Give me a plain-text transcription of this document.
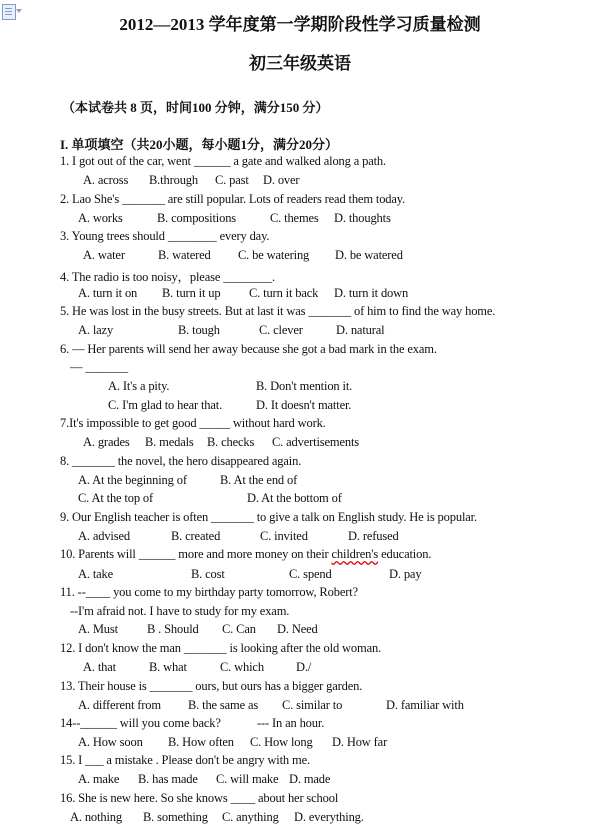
2012—2013 学年度第一学期阶段性学习质量检测
初三年级英语
（本试卷共 8 页，时间100 分钟，满分150 分）
I. 单项填空（共20小题，每小题1分，满分20分）
1. I got out of the car, went ______ a gate and walked along a path.
A. across B.through C. past D. over
2. Lao She's _______ are still popular. Lots of readers read them today.
A. works	B. compositions	C. themes D. thoughts
3. Young trees should ________ every day.
A. water	B. watered C. be watering D. be watered
4. The radio is too noisy，please ________.
A. turn it on B. turn it up C. turn it back D. turn it down
5. He was lost in the busy streets. But at last it was _______ of him to find the way home.
A. lazy	B. tough	C. clever	D. natural
6. — Her parents will send her away because she got a bad mark in the exam.
— _______
A. It's a pity.	B. Don't mention it.
C. I'm glad to hear that.	D. It doesn't matter.
7.It's impossible to get good _____ without hard work.
A. grades B. medals B. checks C. advertisements
8. _______ the novel, the hero disappeared again.
A. At the beginning of	B. At the end of
C. At the top of	D. At the bottom of
9. Our English teacher is often _______ to give a talk on English study. He is popular.
A. advised	B. created	C. invited	D. refused
10. Parents will ______ more and more money on their children's education.
A. take	B. cost	C. spend	D. pay
11. --____ you come to my birthday party tomorrow, Robert?
--I'm afraid not. I have to study for my exam.
A. Must B . Should C. Can D. Need
12. I don't know the man _______ is looking after the old woman.
A. that	B. what	C. which	D./
13. Their house is _______ ours, but ours has a bigger garden.
A. different from B. the same as C. similar to	D. familiar with
14--______ will you come back?	--- In an hour.
A. How soon B. How often C. How long D. How far
15. I ___ a mistake . Please don't be angry with me.
A. make B. has made C. will make D. made
16. She is new here. So she knows ____ about her school
A. nothing B. something C. anything D. everything.
